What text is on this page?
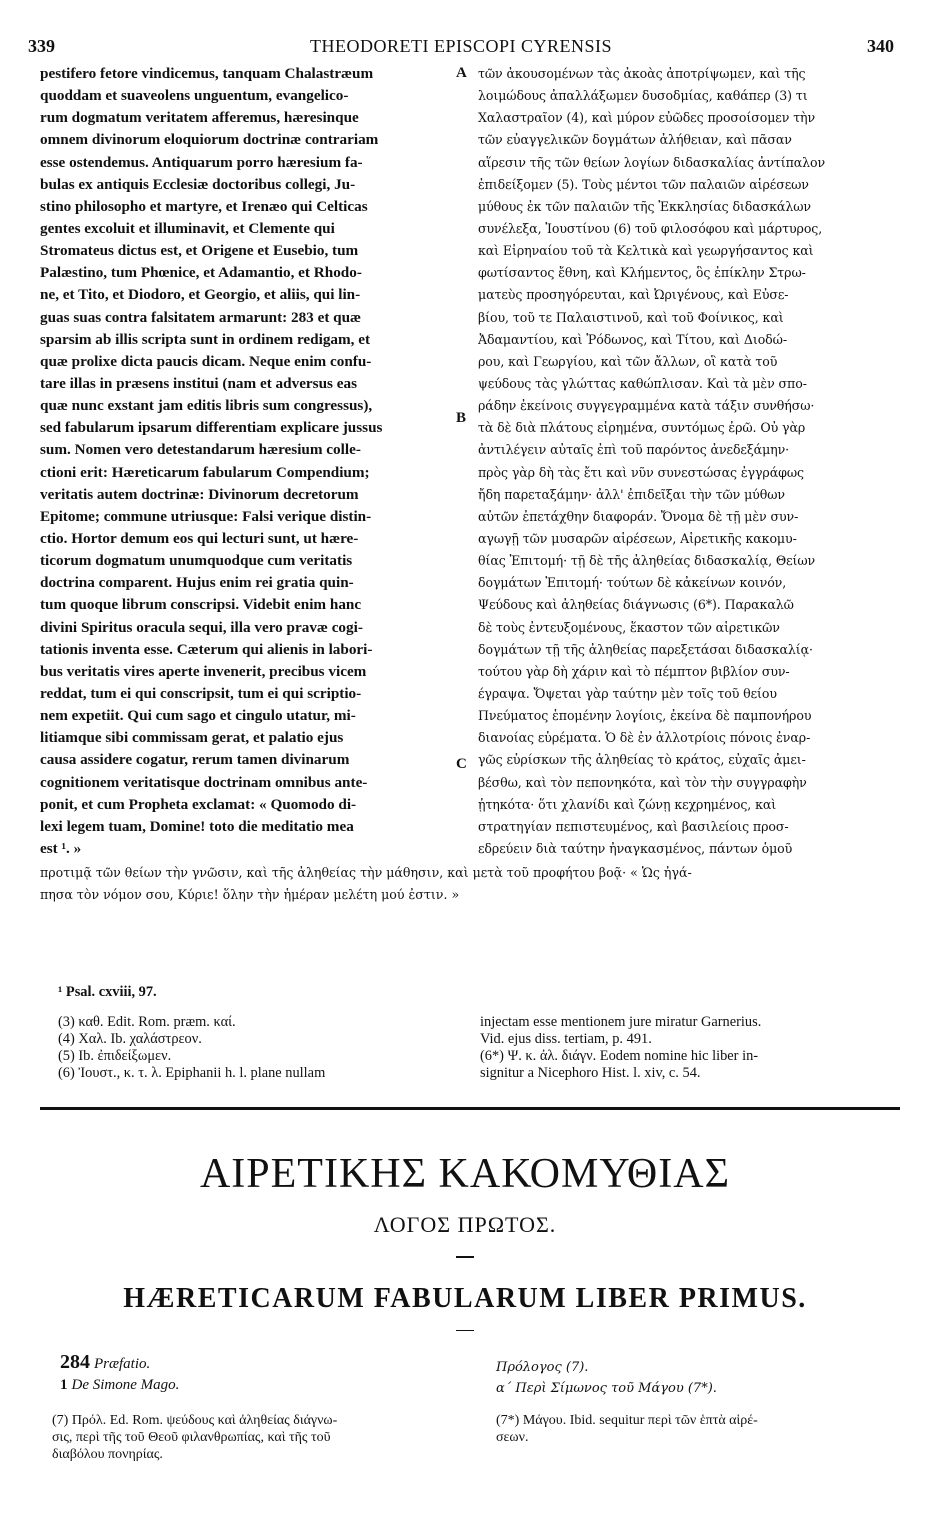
339	THEODORETI EPISCOPI CYRENSIS	340
pestifero fetore vindicemus, tanquam Chalastræum
quoddam et suaveolens unguentum, evangelico-
rum dogmatum veritatem afferemus, hæresinque
omnem divinorum eloquiorum doctrinæ contrariam
esse ostendemus. Antiquarum porro hæresium fa-
bulas ex antiquis Ecclesiæ doctoribus collegi, Ju-
stino philosopho et martyre, et Irenæo qui Celticas
gentes excoluit et illuminavit, et Clemente qui
Stromateus dictus est, et Origene et Eusebio, tum
Palæstino, tum Phœnice, et Adamantio, et Rhodo-
ne, et Tito, et Diodoro, et Georgio, et aliis, qui lin-
guas suas contra falsitatem armarunt: 283 et quæ
sparsim ab illis scripta sunt in ordinem redigam, et
quæ prolixe dicta paucis dicam. Neque enim confu-
tare illas in præsens institui (nam et adversus eas
quæ nunc exstant jam editis libris sum congressus),
sed fabularum ipsarum differentiam explicare jussus
sum. Nomen vero detestandarum hæresium colle-
ctioni erit: Hæreticarum fabularum Compendium;
veritatis autem doctrinæ: Divinorum decretorum
Epitome; commune utriusque: Falsi verique distin-
ctio. Hortor demum eos qui lecturi sunt, ut hære-
ticorum dogmatum unumquodque cum veritatis
doctrina comparent. Hujus enim rei gratia quin-
tum quoque librum conscripsi. Videbit enim hanc
divini Spiritus oracula sequi, illa vero pravæ cogi-
tationis inventa esse. Cæterum qui alienis in labori-
bus veritatis vires aperte invenerit, precibus vicem
reddat, tum ei qui conscripsit, tum ei qui scriptio-
nem expetiit. Qui cum sago et cingulo utatur, mi-
litiamque sibi commissam gerat, et palatio ejus
causa assidere cogatur, rerum tamen divinarum
cognitionem veritatisque doctrinam omnibus ante-
ponit, et cum Propheta exclamat: « Quomodo di-
lexi legem tuam, Domine! toto die meditatio mea
est ¹. »
τῶν ἀκουσομένων τὰς ἀκοὰς ἀποτρίψωμεν, καὶ τῆς
λοιμώδους ἀπαλλάξωμεν δυσοδμίας, καθάπερ (3) τι
Χαλαστραῖον (4), καὶ μύρον εὐῶδες προσοίσομεν τὴν
τῶν εὐαγγελικῶν δογμάτων ἀλήθειαν, καὶ πᾶσαν
αἵρεσιν τῆς τῶν θείων λογίων διδασκαλίας ἀντίπαλον
ἐπιδείξομεν (5). Τοὺς μέντοι τῶν παλαιῶν αἱρέσεων
μύθους ἐκ τῶν παλαιῶν τῆς Ἐκκλησίας διδασκάλων
συνέλεξα, Ἰουστίνου (6) τοῦ φιλοσόφου καὶ μάρτυρος,
καὶ Εἰρηναίου τοῦ τὰ Κελτικὰ καὶ γεωργήσαντος καὶ
φωτίσαντος ἔθνη, καὶ Κλήμεντος, ὃς ἐπίκλην Στρω-
ματεὺς προσηγόρευται, καὶ Ὠριγένους, καὶ Εὐσε-
βίου, τοῦ τε Παλαιστινοῦ, καὶ τοῦ Φοίνικος, καὶ
Ἀδαμαντίου, καὶ Ῥόδωνος, καὶ Τίτου, καὶ Διοδώ-
ρου, καὶ Γεωργίου, καὶ τῶν ἄλλων, οἳ κατὰ τοῦ
ψεύδους τὰς γλώττας καθώπλισαν. Καὶ τὰ μὲν σπο-
ράδην ἐκείνοις συγγεγραμμένα κατὰ τάξιν συνθήσω·
τὰ δὲ διὰ πλάτους εἰρημένα, συντόμως ἐρῶ. Οὐ γὰρ
ἀντιλέγειν αὐταῖς ἐπὶ τοῦ παρόντος ἀνεδεξάμην·
πρὸς γὰρ δὴ τὰς ἔτι καὶ νῦν συνεστώσας ἐγγράφως
ἤδη παρεταξάμην· ἀλλ' ἐπιδεῖξαι τὴν τῶν μύθων
αὐτῶν ἐπετάχθην διαφοράν. Ὄνομα δὲ τῇ μὲν συν-
αγωγῇ τῶν μυσαρῶν αἱρέσεων, Αἱρετικῆς κακομυ-
θίας Ἐπιτομή· τῇ δὲ τῆς ἀληθείας διδασκαλίᾳ, Θείων
δογμάτων Ἐπιτομή· τούτων δὲ κἀκείνων κοινόν,
Ψεύδους καὶ ἀληθείας διάγνωσις (6*). Παρακαλῶ
δὲ τοὺς ἐντευξομένους, ἕκαστον τῶν αἱρετικῶν
δογμάτων τῇ τῆς ἀληθείας παρεξετάσαι διδασκαλίᾳ·
τούτου γὰρ δὴ χάριν καὶ τὸ πέμπτον βιβλίον συν-
έγραψα. Ὄψεται γὰρ ταύτην μὲν τοῖς τοῦ θείου
Πνεύματος ἑπομένην λογίοις, ἐκείνα δὲ παμπονήρου
διανοίας εὑρέματα. Ὁ δὲ ἐν ἀλλοτρίοις πόνοις ἐναρ-
γῶς εὑρίσκων τῆς ἀληθείας τὸ κράτος, εὐχαῖς ἀμει-
βέσθω, καὶ τὸν πεπονηκότα, καὶ τὸν τὴν συγγραφὴν
ᾐτηκότα· ὅτι χλανίδι καὶ ζώνῃ κεχρημένος, καὶ
στρατηγίαν πεπιστευμένος, καὶ βασιλείοις προσ-
εδρεύειν διὰ ταύτην ἠναγκασμένος, πάντων ὁμοῦ
A
B
C
προτιμᾷ τῶν θείων τὴν γνῶσιν, καὶ τῆς ἀληθείας τὴν μάθησιν, καὶ μετὰ τοῦ προφήτου βοᾷ· « Ὡς ἠγά-
πησα τὸν νόμον σου, Κύριε! ὅλην τὴν ἡμέραν μελέτη μού ἐστιν. »
¹ Psal. cxviii, 97.
(3) καθ. Edit. Rom. præm. καί.
(4) Χαλ. Ib. χαλάστρεον.
(5) Ib. ἐπιδείξωμεν.
(6) Ἰουστ., κ. τ. λ. Epiphanii h. l. plane nullam
injectam esse mentionem jure miratur Garnerius.
Vid. ejus diss. tertiam, p. 491.
(6*) Ψ. κ. ἀλ. διάγν. Eodem nomine hic liber in-
signitur a Nicephoro Hist. l. xiv, c. 54.
ΑΙΡΕΤΙΚΗΣ ΚΑΚΟΜΥΘΙΑΣ
ΛΟΓΟΣ ΠΡΩΤΟΣ.
HÆRETICARUM FABULARUM LIBER PRIMUS.
284 Præfatio.
1 De Simone Mago.
Πρόλογος (7).
α΄ Περὶ Σίμωνος τοῦ Μάγου (7*).
(7) Πρόλ. Ed. Rom. ψεύδους καὶ ἀληθείας διάγνω-
σις, περὶ τῆς τοῦ Θεοῦ φιλανθρωπίας, καὶ τῆς τοῦ
διαβόλου πονηρίας.
(7*) Μάγου. Ibid. sequitur περὶ τῶν ἑπτὰ αἱρέ-
σεων.
